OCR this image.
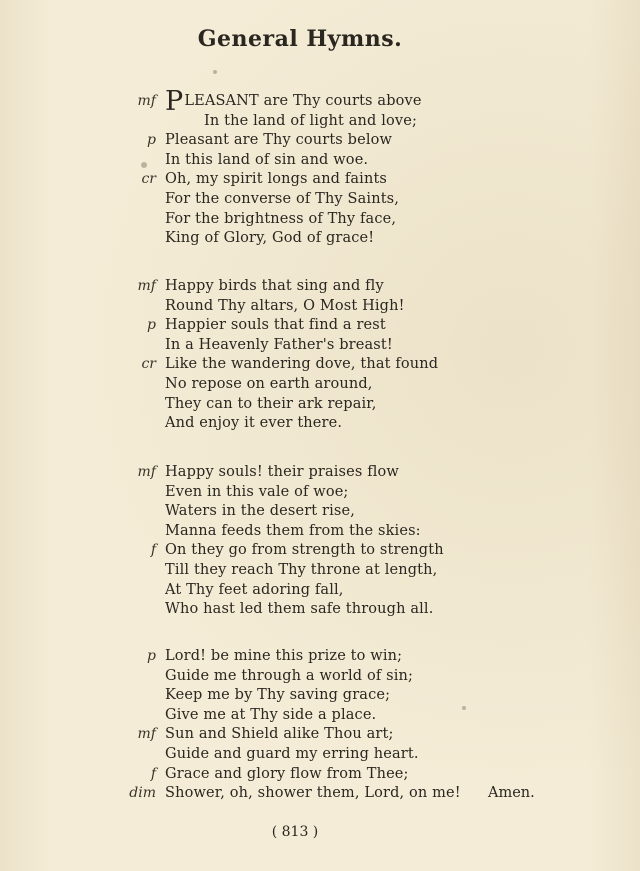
General Hymns.
mf PLEASANT are Thy courts above
In the land of light and love;
p Pleasant are Thy courts below
In this land of sin and woe.
cr Oh, my spirit longs and faints
For the converse of Thy Saints,
For the brightness of Thy face,
King of Glory, God of grace!
mf Happy birds that sing and fly
Round Thy altars, O Most High!
p Happier souls that find a rest
In a Heavenly Father's breast!
cr Like the wandering dove, that found
No repose on earth around,
They can to their ark repair,
And enjoy it ever there.
mf Happy souls! their praises flow
Even in this vale of woe;
Waters in the desert rise,
Manna feeds them from the skies:
f On they go from strength to strength
Till they reach Thy throne at length,
At Thy feet adoring fall,
Who hast led them safe through all.
p Lord! be mine this prize to win;
Guide me through a world of sin;
Keep me by Thy saving grace;
Give me at Thy side a place.
mf Sun and Shield alike Thou art;
Guide and guard my erring heart.
f Grace and glory flow from Thee;
dim Shower, oh, shower them, Lord, on me! Amen.
( 813 )
